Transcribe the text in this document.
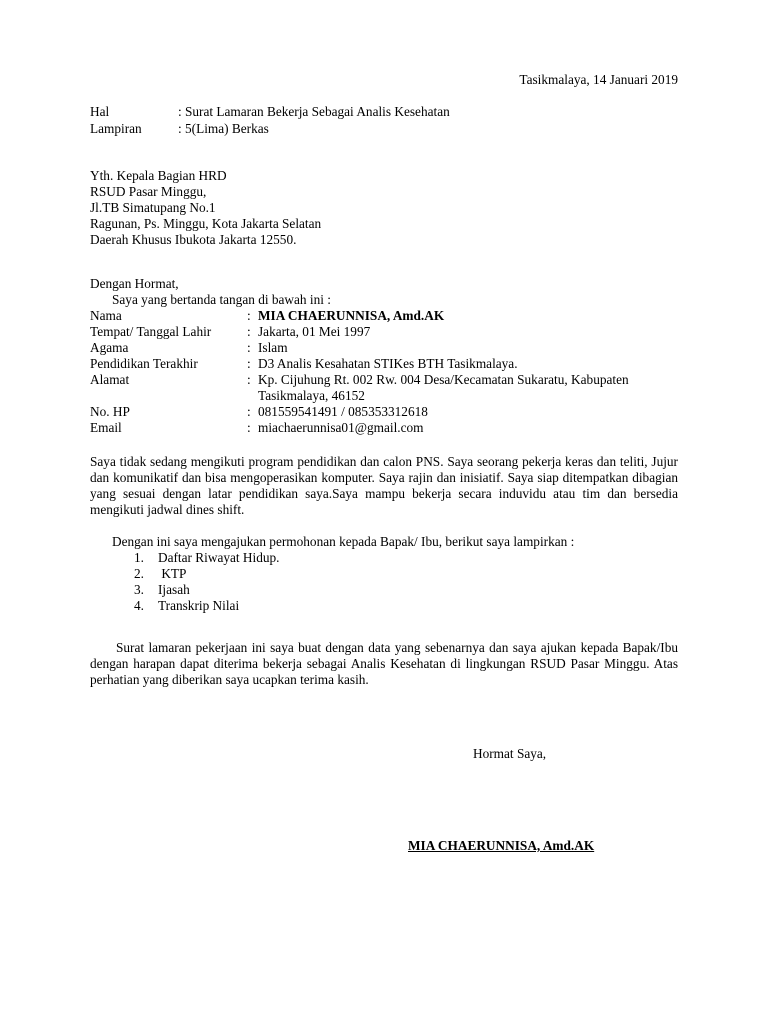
Tasikmalaya, 14 Januari 2019
Hal	: Surat Lamaran Bekerja Sebagai Analis Kesehatan
Lampiran	: 5(Lima) Berkas
Yth. Kepala Bagian HRD
RSUD Pasar Minggu,
Jl.TB Simatupang No.1
Ragunan, Ps. Minggu, Kota Jakarta Selatan
Daerah Khusus Ibukota Jakarta 12550.
Dengan Hormat,
Saya yang bertanda tangan di bawah ini :
Nama	: MIA CHAERUNNISA, Amd.AK
Tempat/ Tanggal Lahir	: Jakarta, 01 Mei 1997
Agama	: Islam
Pendidikan Terakhir	: D3 Analis Kesahatan STIKes BTH Tasikmalaya.
Alamat	: Kp. Cijuhung Rt. 002 Rw. 004 Desa/Kecamatan Sukaratu, Kabupaten Tasikmalaya, 46152
No. HP	: 081559541491 / 085353312618
Email	: miachaerunnisa01@gmail.com
Saya tidak sedang mengikuti program pendidikan dan calon PNS. Saya seorang pekerja keras dan teliti, Jujur dan komunikatif dan bisa mengoperasikan komputer. Saya rajin dan inisiatif. Saya siap ditempatkan dibagian yang sesuai dengan latar pendidikan saya.Saya mampu bekerja secara induvidu atau tim dan bersedia mengikuti jadwal dines shift.
Dengan ini saya mengajukan permohonan kepada Bapak/ Ibu, berikut saya lampirkan :
1. Daftar Riwayat Hidup.
2. KTP
3. Ijasah
4. Transkrip Nilai
Surat lamaran pekerjaan ini saya buat dengan data yang sebenarnya dan saya ajukan kepada Bapak/Ibu dengan harapan dapat diterima bekerja sebagai Analis Kesehatan di lingkungan RSUD Pasar Minggu. Atas perhatian yang diberikan saya ucapkan terima kasih.
Hormat Saya,
MIA CHAERUNNISA, Amd.AK
